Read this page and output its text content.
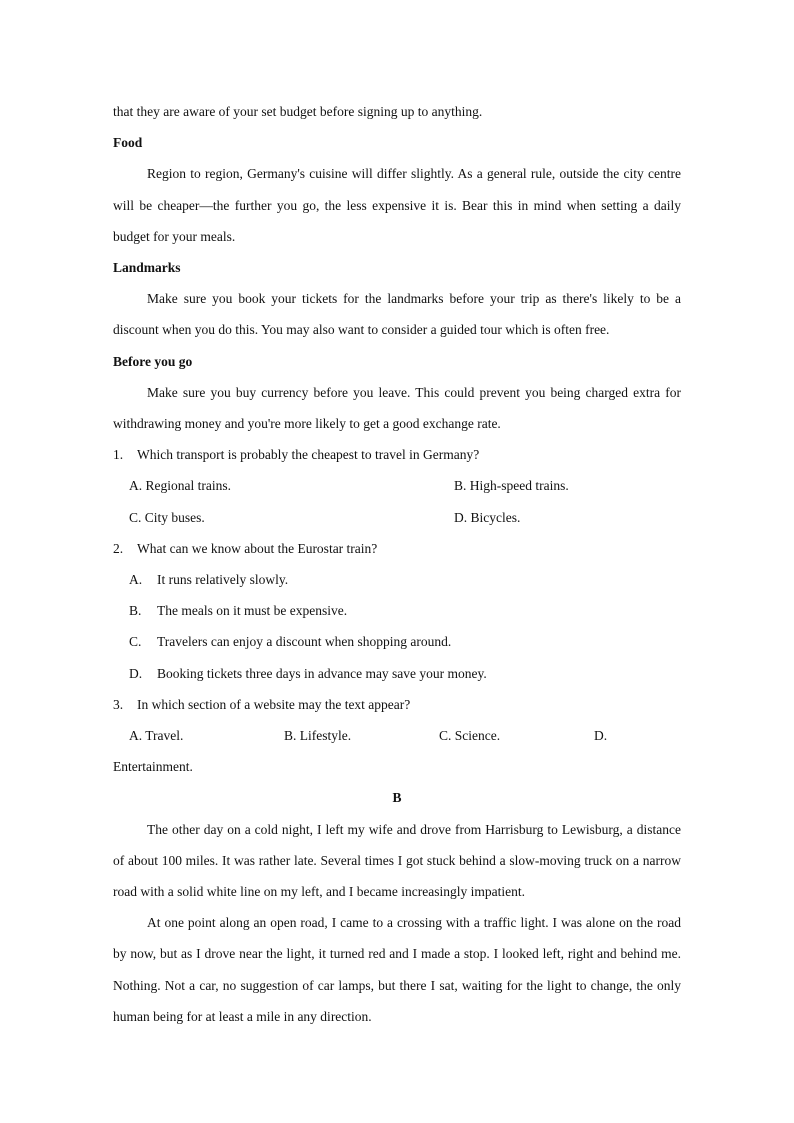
that they are aware of your set budget before signing up to anything.

Food

Region to region, Germany's cuisine will differ slightly. As a general rule, outside the city centre will be cheaper—the further you go, the less expensive it is. Bear this in mind when setting a daily budget for your meals.

Landmarks

Make sure you book your tickets for the landmarks before your trip as there's likely to be a discount when you do this. You may also want to consider a guided tour which is often free.

Before you go

Make sure you buy currency before you leave. This could prevent you being charged extra for withdrawing money and you're more likely to get a good exchange rate.

1.	Which transport is probably the cheapest to travel in Germany?
A. Regional trains.	B. High-speed trains.
C. City buses.	D. Bicycles.
2.	What can we know about the Eurostar train?
A.	It runs relatively slowly.
B.	The meals on it must be expensive.
C.	Travelers can enjoy a discount when shopping around.
D.	Booking tickets three days in advance may save your money.
3.	In which section of a website may the text appear?
A. Travel.	B. Lifestyle.	C. Science.	D.

Entertainment.

B

The other day on a cold night, I left my wife and drove from Harrisburg to Lewisburg, a distance of about 100 miles. It was rather late. Several times I got stuck behind a slow-moving truck on a narrow road with a solid white line on my left, and I became increasingly impatient.

At one point along an open road, I came to a crossing with a traffic light. I was alone on the road by now, but as I drove near the light, it turned red and I made a stop. I looked left, right and behind me. Nothing. Not a car, no suggestion of car lamps, but there I sat, waiting for the light to change, the only human being for at least a mile in any direction.
